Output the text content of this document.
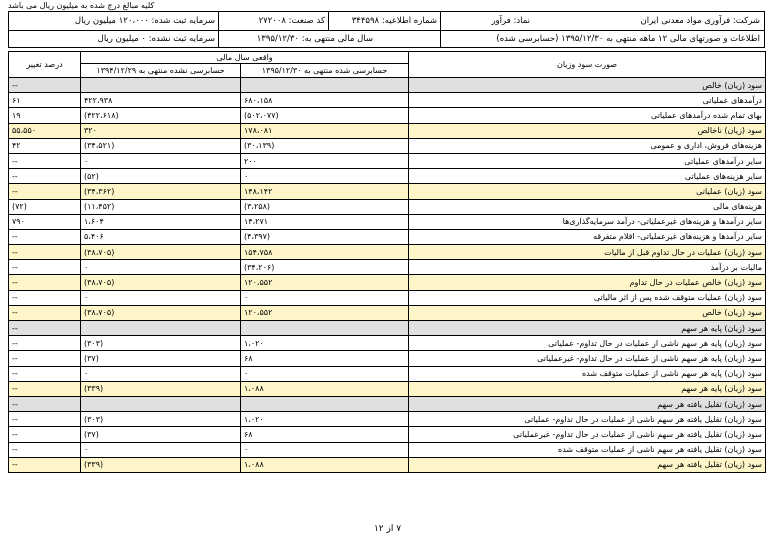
کلیه مبالغ درج شده به میلیون ریال می باشد
شرکت: فرآوری مواد معدنی ایران
نماد: فرآور
شماره اطلاعیه: ۳۴۴۵۹۸
کد صنعت: ۲۷۲۰۰۸
سرمایه ثبت شده: ۱۲۰،۰۰۰ میلیون ریال
اطلاعات و صورتهای مالی ۱۲ ماهه منتهی به ۱۳۹۵/۱۲/۳۰ (حسابرسی شده)
سال مالی منتهی به: ۱۳۹۵/۱۲/۳۰
سرمایه ثبت نشده: ۰ میلیون ریال
صورت سود وزیان	واقعی سال مالی		درصد تغییر
	حسابرسی شده منتهی به ۱۳۹۵/۱۲/۳۰	حسابرسی نشده منتهی به ۱۳۹۴/۱۲/۲۹	
سود (زیان) خالص			--
درآمدهای عملیاتی	۶۸۰،۱۵۸	۴۲۲،۹۳۸	۶۱
بهای تمام شده درآمدهای عملیاتی	(۵۰۲،۰۷۷)	(۴۲۲،۶۱۸)	۱۹
سود (زیان) ناخالص	۱۷۸،۰۸۱	۳۲۰	۵۵،۵۵۰
هزینه‌های فروش، اداری و عمومی	(۳۰،۱۳۹)	(۳۴،۵۲۱)	۴۲
سایر درآمدهای عملیاتی	۲۰۰	۰	--
سایر هزینه‌های عملیاتی	۰	(۵۲)	--
سود (زیان) عملیاتی	۱۴۸،۱۴۲	(۳۴،۳۶۲)	--
هزینه‌های مالی	(۳،۲۵۸)	(۱۱،۴۵۲)	(۷۲)
سایر درآمدها و هزینه‌های غیرعملیاتی- درآمد سرمایه‌گذاری‌ها	۱۴،۲۷۱	۱،۶۰۴	۷۹۰
سایر درآمدها و هزینه‌های غیرعملیاتی- اقلام متفرقه	(۴،۳۹۷)	۵،۴۰۶	--
سود (زیان) عملیات در حال تداوم قبل از مالیات	۱۵۴،۷۵۸	(۳۸،۷۰۵)	--
مالیات بر درآمد	(۳۴،۲۰۶)	۰	--
سود (زیان) خالص عملیات در حال تداوم	۱۲۰،۵۵۲	(۳۸،۷۰۵)	--
سود (زیان) عملیات متوقف شده پس از اثر مالیاتی	۰	۰	--
سود (زیان) خالص	۱۲۰،۵۵۲	(۳۸،۷۰۵)	--
سود (زیان) پایه هر سهم			--
سود (زیان) پایه هر سهم ناشی از عملیات در حال تداوم- عملیاتی	۱،۰۲۰	(۳۰۳)	--
سود (زیان) پایه هر سهم ناشی از عملیات در حال تداوم- غیرعملیاتی	۶۸	(۳۷)	--
سود (زیان) پایه هر سهم ناشی از عملیات متوقف شده	۰	۰	--
سود (زیان) پایه هر سهم	۱،۰۸۸	(۳۳۹)	--
سود (زیان) تقلیل یافته هر سهم			--
سود (زیان) تقلیل یافته هر سهم ناشی از عملیات در حال تداوم- عملیاتی	۱،۰۲۰	(۳۰۳)	--
سود (زیان) تقلیل یافته هر سهم ناشی از عملیات در حال تداوم- غیرعملیاتی	۶۸	(۳۷)	--
سود (زیان) تقلیل یافته هر سهم ناشی از عملیات متوقف شده	۰	۰	--
سود (زیان) تقلیل یافته هر سهم	۱،۰۸۸	(۳۳۹)	--
۷ از ۱۲
